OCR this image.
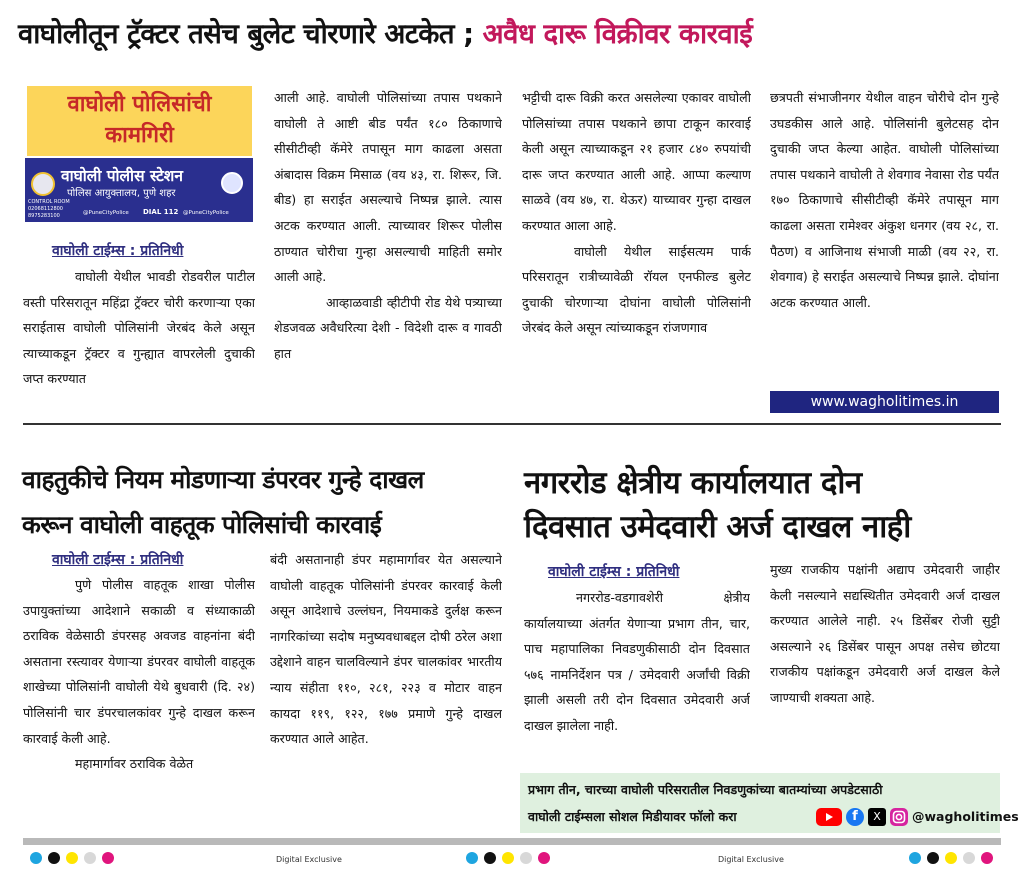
वाघोलीतून ट्रॅक्टर तसेच बुलेट चोरणारे अटकेत ; अवैध दारू विक्रीवर कारवाई
वाघोली पोलिसांची
कामगिरी
वाघोली पोलीस स्टेशन
पोलिस आयुक्तालय, पुणे शहर
CONTROL ROOM
02068112800
8975283100	@PuneCityPolice DIAL 112 @PuneCityPolice
वाघोली टाईम्स : प्रतिनिधी

वाघोली येथील भावडी रोडवरील पाटील वस्ती परिसरातून महिंद्रा ट्रॅक्टर चोरी करणाऱ्या एका सराईतास वाघोली पोलिसांनी जेरबंद केले असून त्याच्याकडून ट्रॅक्टर व गुन्ह्यात वापरलेली दुचाकी जप्त करण्यात

आली आहे. वाघोली पोलिसांच्या तपास पथकाने वाघोली ते आष्टी बीड पर्यंत १८० ठिकाणाचे सीसीटीव्ही कॅमेरे तपासून माग काढला असता अंबादास विक्रम मिसाळ (वय ४३, रा. शिरूर, जि. बीड) हा सराईत असल्याचे निष्पन्न झाले. त्यास अटक करण्यात आली. त्याच्यावर शिरूर पोलीस ठाण्यात चोरीचा गुन्हा असल्याची माहिती समोर आली आहे.

आव्हाळवाडी व्हीटीपी रोड येथे पत्र्याच्या शेडजवळ अवैधरित्या देशी - विदेशी दारू व गावठी हात

भट्टीची दारू विक्री करत असलेल्या एकावर वाघोली पोलिसांच्या तपास पथकाने छापा टाकून कारवाई केली असून त्याच्याकडून २१ हजार ८४० रुपयांची दारू जप्त करण्यात आली आहे. आप्पा कल्याण साळवे (वय ४७, रा. थेऊर) याच्यावर गुन्हा दाखल करण्यात आला आहे.

वाघोली येथील साईसत्यम पार्क परिसरातून रात्रीच्यावेळी रॉयल एनफील्ड बुलेट दुचाकी चोरणाऱ्या दोघांना वाघोली पोलिसांनी जेरबंद केले असून त्यांच्याकडून रांजणगाव

छत्रपती संभाजीनगर येथील वाहन चोरीचे दोन गुन्हे उघडकीस आले आहे. पोलिसांनी बुलेटसह दोन दुचाकी जप्त केल्या आहेत. वाघोली पोलिसांच्या तपास पथकाने वाघोली ते शेवगाव नेवासा रोड पर्यंत १७० ठिकाणाचे सीसीटीव्ही कॅमेरे तपासून माग काढला असता रामेश्वर अंकुश धनगर (वय २८, रा. पैठण) व आजिनाथ संभाजी माळी (वय २२, रा. शेवगाव) हे सराईत असल्याचे निष्पन्न झाले. दोघांना अटक करण्यात आली.

www.wagholitimes.in
वाहतुकीचे नियम मोडणाऱ्या डंपरवर गुन्हे दाखल
करून वाघोली वाहतूक पोलिसांची कारवाई
वाघोली टाईम्स : प्रतिनिधी

पुणे पोलीस वाहतूक शाखा पोलीस उपायुक्तांच्या आदेशाने सकाळी व संध्याकाळी ठराविक वेळेसाठी डंपरसह अवजड वाहनांना बंदी असताना रस्त्यावर येणाऱ्या डंपरवर वाघोली वाहतूक शाखेच्या पोलिसांनी वाघोली येथे बुधवारी (दि. २४) पोलिसांनी चार डंपरचालकांवर गुन्हे दाखल करून कारवाई केली आहे.

महामार्गावर ठराविक वेळेत

बंदी असतानाही डंपर महामार्गावर येत असल्याने वाघोली वाहतूक पोलिसांनी डंपरवर कारवाई केली असून आदेशाचे उल्लंघन, नियमाकडे दुर्लक्ष करून नागरिकांच्या सदोष मनुष्यवधाबद्दल दोषी ठरेल अशा उद्देशाने वाहन चालविल्याने डंपर चालकांवर भारतीय न्याय संहीता ११०, २८१, २२३ व मोटार वाहन कायदा ११९, १२२, १७७ प्रमाणे गुन्हे दाखल करण्यात आले आहेत.

नगररोड क्षेत्रीय कार्यालयात दोन
दिवसात उमेदवारी अर्ज दाखल नाही
वाघोली टाईम्स : प्रतिनिधी

नगररोड-वडगावशेरी क्षेत्रीय कार्यालयाच्या अंतर्गत येणाऱ्या प्रभाग तीन, चार, पाच महापालिका निवडणुकीसाठी दोन दिवसात ५७६ नामनिर्देशन पत्र / उमेदवारी अर्जांची विक्री झाली असली तरी दोन दिवसात उमेदवारी अर्ज दाखल झालेला नाही.

मुख्य राजकीय पक्षांनी अद्याप उमेदवारी जाहीर केली नसल्याने सद्यस्थितीत उमेदवारी अर्ज दाखल करण्यात आलेले नाही. २५ डिसेंबर रोजी सुट्टी असल्याने २६ डिसेंबर पासून अपक्ष तसेच छोटया राजकीय पक्षांकडून उमेदवारी अर्ज दाखल केले जाण्याची शक्यता आहे.

प्रभाग तीन, चारच्या वाघोली परिसरातील निवडणुकांच्या बातम्यांच्या अपडेटसाठी
वाघोली टाईम्सला सोशल मिडीयावर फॉलो करा	f	X	@wagholitimes
Digital Exclusive	Digital Exclusive
